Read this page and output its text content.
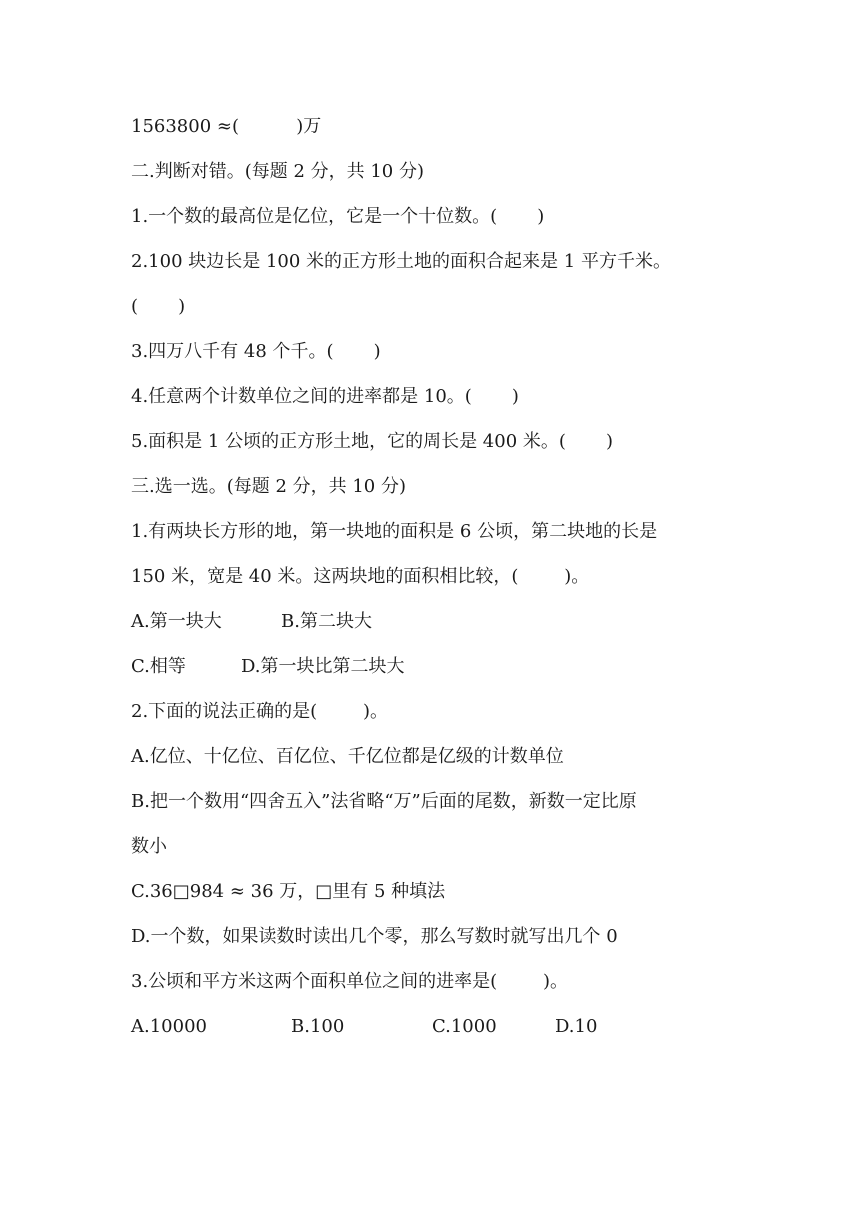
1563800 ≈(          )万
二.判断对错。(每题 2 分，共 10 分)
1.一个数的最高位是亿位，它是一个十位数。(       )
2.100 块边长是 100 米的正方形土地的面积合起来是 1 平方千米。
(       )
3.四万八千有 48 个千。(       )
4.任意两个计数单位之间的进率都是 10。(       )
5.面积是 1 公顷的正方形土地，它的周长是 400 米。(       )
三.选一选。(每题 2 分，共 10 分)
1.有两块长方形的地，第一块地的面积是 6 公顷，第二块地的长是
150 米，宽是 40 米。这两块地的面积相比较，(        )。
A.第一块大	B.第二块大
C.相等	D.第一块比第二块大
2.下面的说法正确的是(        )。
A.亿位、十亿位、百亿位、千亿位都是亿级的计数单位
B.把一个数用“四舍五入”法省略“万”后面的尾数，新数一定比原
数小
C.36□984 ≈ 36 万，□里有 5 种填法
D.一个数，如果读数时读出几个零，那么写数时就写出几个 0
3.公顷和平方米这两个面积单位之间的进率是(        )。
A.10000	B.100	C.1000	D.10
